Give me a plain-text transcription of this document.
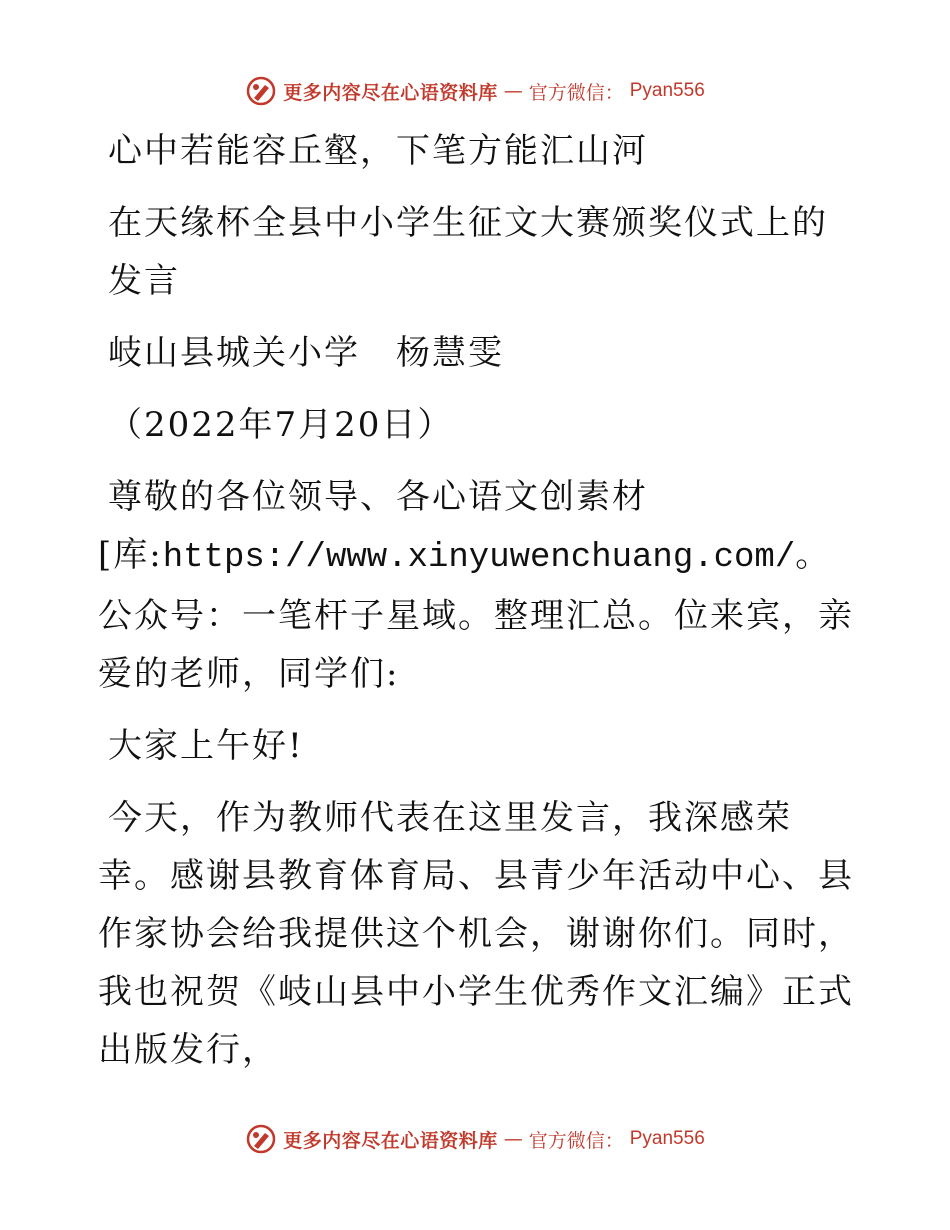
更多内容尽在心语资料库 — 官方微信： Pyan556

心中若能容丘壑，下笔方能汇山河

在天缘杯全县中小学生征文大赛颁奖仪式上的发言

岐山县城关小学　杨慧雯

（2022年7月20日）

尊敬的各位领导、各心语文创素材[库:https://www.xinyuwenchuang.com/。公众号：一笔杆子星域。整理汇总。位来宾，亲爱的老师，同学们:

大家上午好!

今天，作为教师代表在这里发言，我深感荣幸。感谢县教育体育局、县青少年活动中心、县作家协会给我提供这个机会，谢谢你们。同时，我也祝贺《岐山县中小学生优秀作文汇编》正式出版发行，

更多内容尽在心语资料库 — 官方微信： Pyan556
